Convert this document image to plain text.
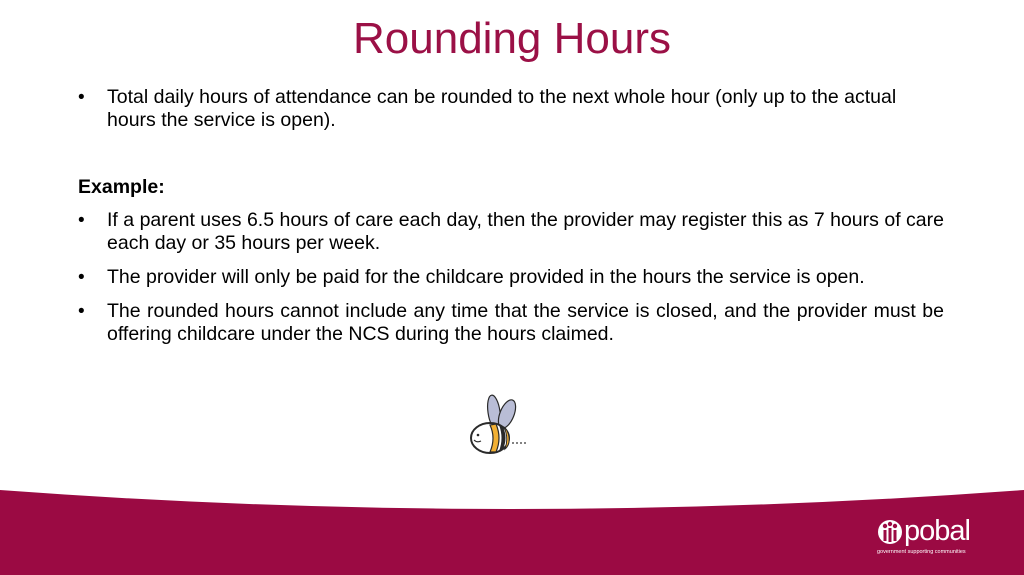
Rounding Hours

• Total daily hours of attendance can be rounded to the next whole hour (only up to the actual hours the service is open).

Example:

• If a parent uses 6.5 hours of care each day, then the provider may register this as 7 hours of care each day or 35 hours per week.

• The provider will only be paid for the childcare provided in the hours the service is open.

• The rounded hours cannot include any time that the service is closed, and the provider must be offering childcare under the NCS during the hours claimed.

pobal
government supporting communities
